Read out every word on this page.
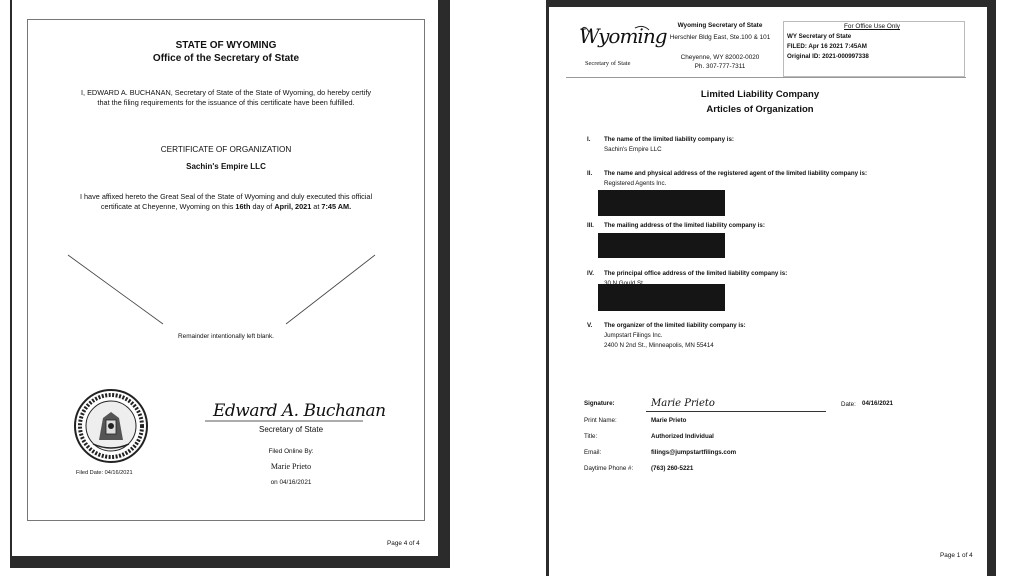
STATE OF WYOMING
Office of the Secretary of State
I, EDWARD A. BUCHANAN, Secretary of State of the State of Wyoming, do hereby certify
that the filing requirements for the issuance of this certificate have been fulfilled.
CERTIFICATE OF ORGANIZATION
Sachin's Empire LLC
I have affixed hereto the Great Seal of the State of Wyoming and duly executed this official
certificate at Cheyenne, Wyoming on this 16th day of April, 2021 at 7:45 AM.
Remainder intentionally left blank.
Filed Date: 04/16/2021
Edward A. Buchanan
Secretary of State
Filed Online By:
Marie Prieto
on 04/16/2021
Page 4 of 4
Wyoming
Secretary of State
Wyoming Secretary of State
Herschler Bldg East, Ste.100 & 101
Cheyenne, WY 82002-0020
Ph. 307-777-7311
For Office Use Only
WY Secretary of State
FILED: Apr 16 2021 7:45AM
Original ID: 2021-000997338
Limited Liability Company
Articles of Organization
I. The name of the limited liability company is:
Sachin's Empire LLC
II. The name and physical address of the registered agent of the limited liability company is:
Registered Agents Inc.
III. The mailing address of the limited liability company is:
IV. The principal office address of the limited liability company is:
V. The organizer of the limited liability company is:
Jumpstart Filings Inc.
2400 N 2nd St., Minneapolis, MN 55414
Signature:	Marie Prieto	Date: 04/16/2021
Print Name:	Marie Prieto
Title:	Authorized Individual
Email:	filings@jumpstartfilings.com
Daytime Phone #:	(763) 260-5221
Page 1 of 4
